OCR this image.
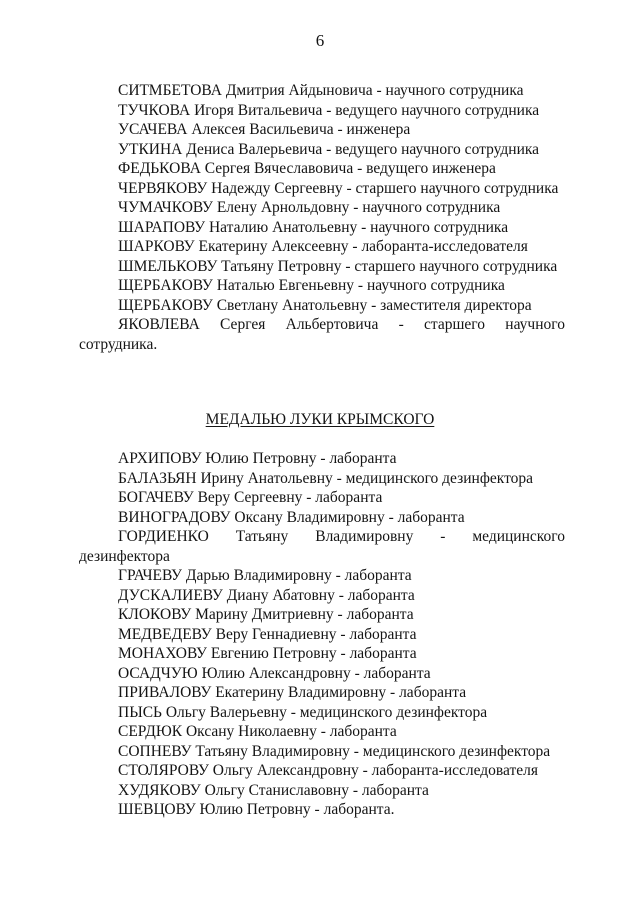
6

СИТМБЕТОВА Дмитрия Айдыновича - научного сотрудника

ТУЧКОВА Игоря Витальевича - ведущего научного сотрудника

УСАЧЕВА Алексея Васильевича - инженера

УТКИНА Дениса Валерьевича - ведущего научного сотрудника

ФЕДЬКОВА Сергея Вячеславовича - ведущего инженера

ЧЕРВЯКОВУ Надежду Сергеевну - старшего научного сотрудника

ЧУМАЧКОВУ Елену Арнольдовну - научного сотрудника

ШАРАПОВУ Наталию Анатольевну - научного сотрудника

ШАРКОВУ Екатерину Алексеевну - лаборанта-исследователя

ШМЕЛЬКОВУ Татьяну Петровну - старшего научного сотрудника

ЩЕРБАКОВУ Наталью Евгеньевну - научного сотрудника

ЩЕРБАКОВУ Светлану Анатольевну - заместителя директора

ЯКОВЛЕВА Сергея Альбертовича - старшего научного сотрудника.

МЕДАЛЬЮ ЛУКИ КРЫМСКОГО

АРХИПОВУ Юлию Петровну - лаборанта

БАЛАЗЬЯН Ирину Анатольевну - медицинского дезинфектора

БОГАЧЕВУ Веру Сергеевну - лаборанта

ВИНОГРАДОВУ Оксану Владимировну - лаборанта

ГОРДИЕНКО Татьяну Владимировну - медицинского дезинфектора

ГРАЧЕВУ Дарью Владимировну - лаборанта

ДУСКАЛИЕВУ Диану Абатовну - лаборанта

КЛОКОВУ Марину Дмитриевну - лаборанта

МЕДВЕДЕВУ Веру Геннадиевну - лаборанта

МОНАХОВУ Евгению Петровну - лаборанта

ОСАДЧУЮ Юлию Александровну - лаборанта

ПРИВАЛОВУ Екатерину Владимировну - лаборанта

ПЫСЬ Ольгу Валерьевну - медицинского дезинфектора

СЕРДЮК Оксану Николаевну - лаборанта

СОПНЕВУ Татьяну Владимировну - медицинского дезинфектора

СТОЛЯРОВУ Ольгу Александровну - лаборанта-исследователя

ХУДЯКОВУ Ольгу Станиславовну - лаборанта

ШЕВЦОВУ Юлию Петровну - лаборанта.
